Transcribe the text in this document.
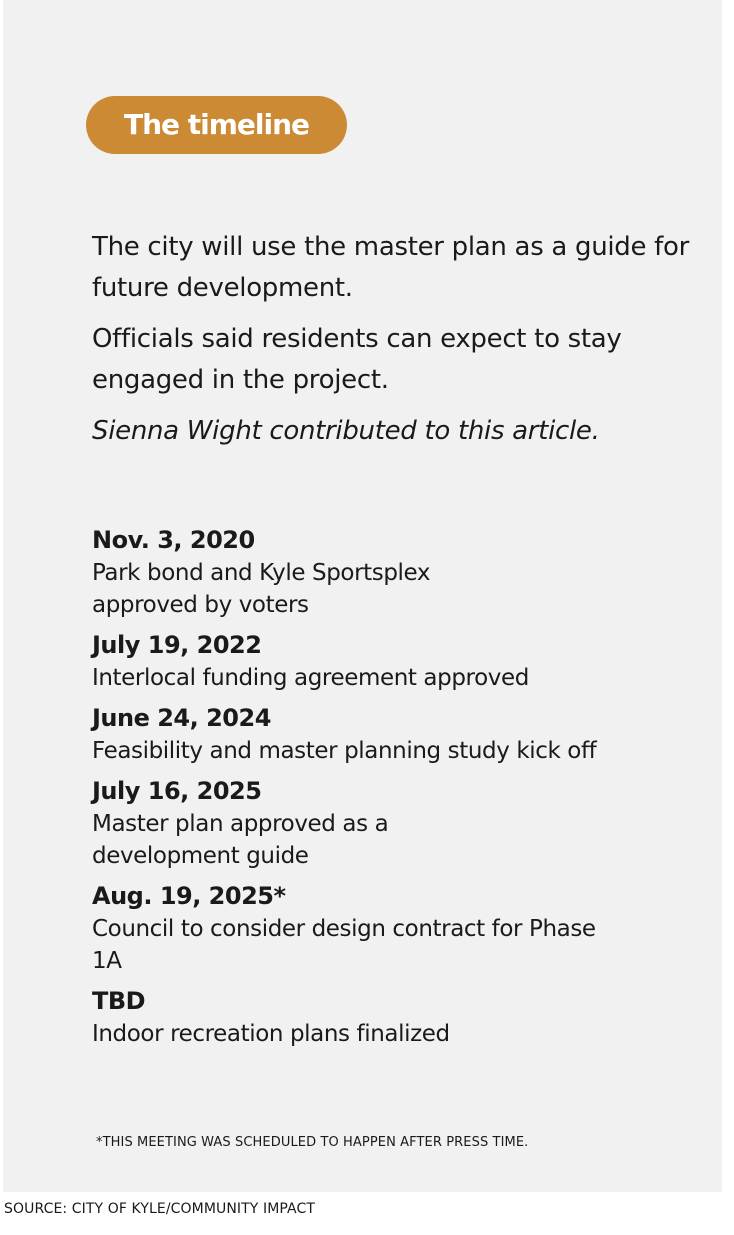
The timeline

The city will use the master plan as a guide for future development.

Officials said residents can expect to stay engaged in the project.

Sienna Wight contributed to this article.

Nov. 3, 2020
Park bond and Kyle Sportsplex approved by voters
July 19, 2022
Interlocal funding agreement approved
June 24, 2024
Feasibility and master planning study kick off
July 16, 2025
Master plan approved as a development guide
Aug. 19, 2025*
Council to consider design contract for Phase 1A
TBD
Indoor recreation plans finalized
*THIS MEETING WAS SCHEDULED TO HAPPEN AFTER PRESS TIME.
SOURCE: CITY OF KYLE/COMMUNITY IMPACT
